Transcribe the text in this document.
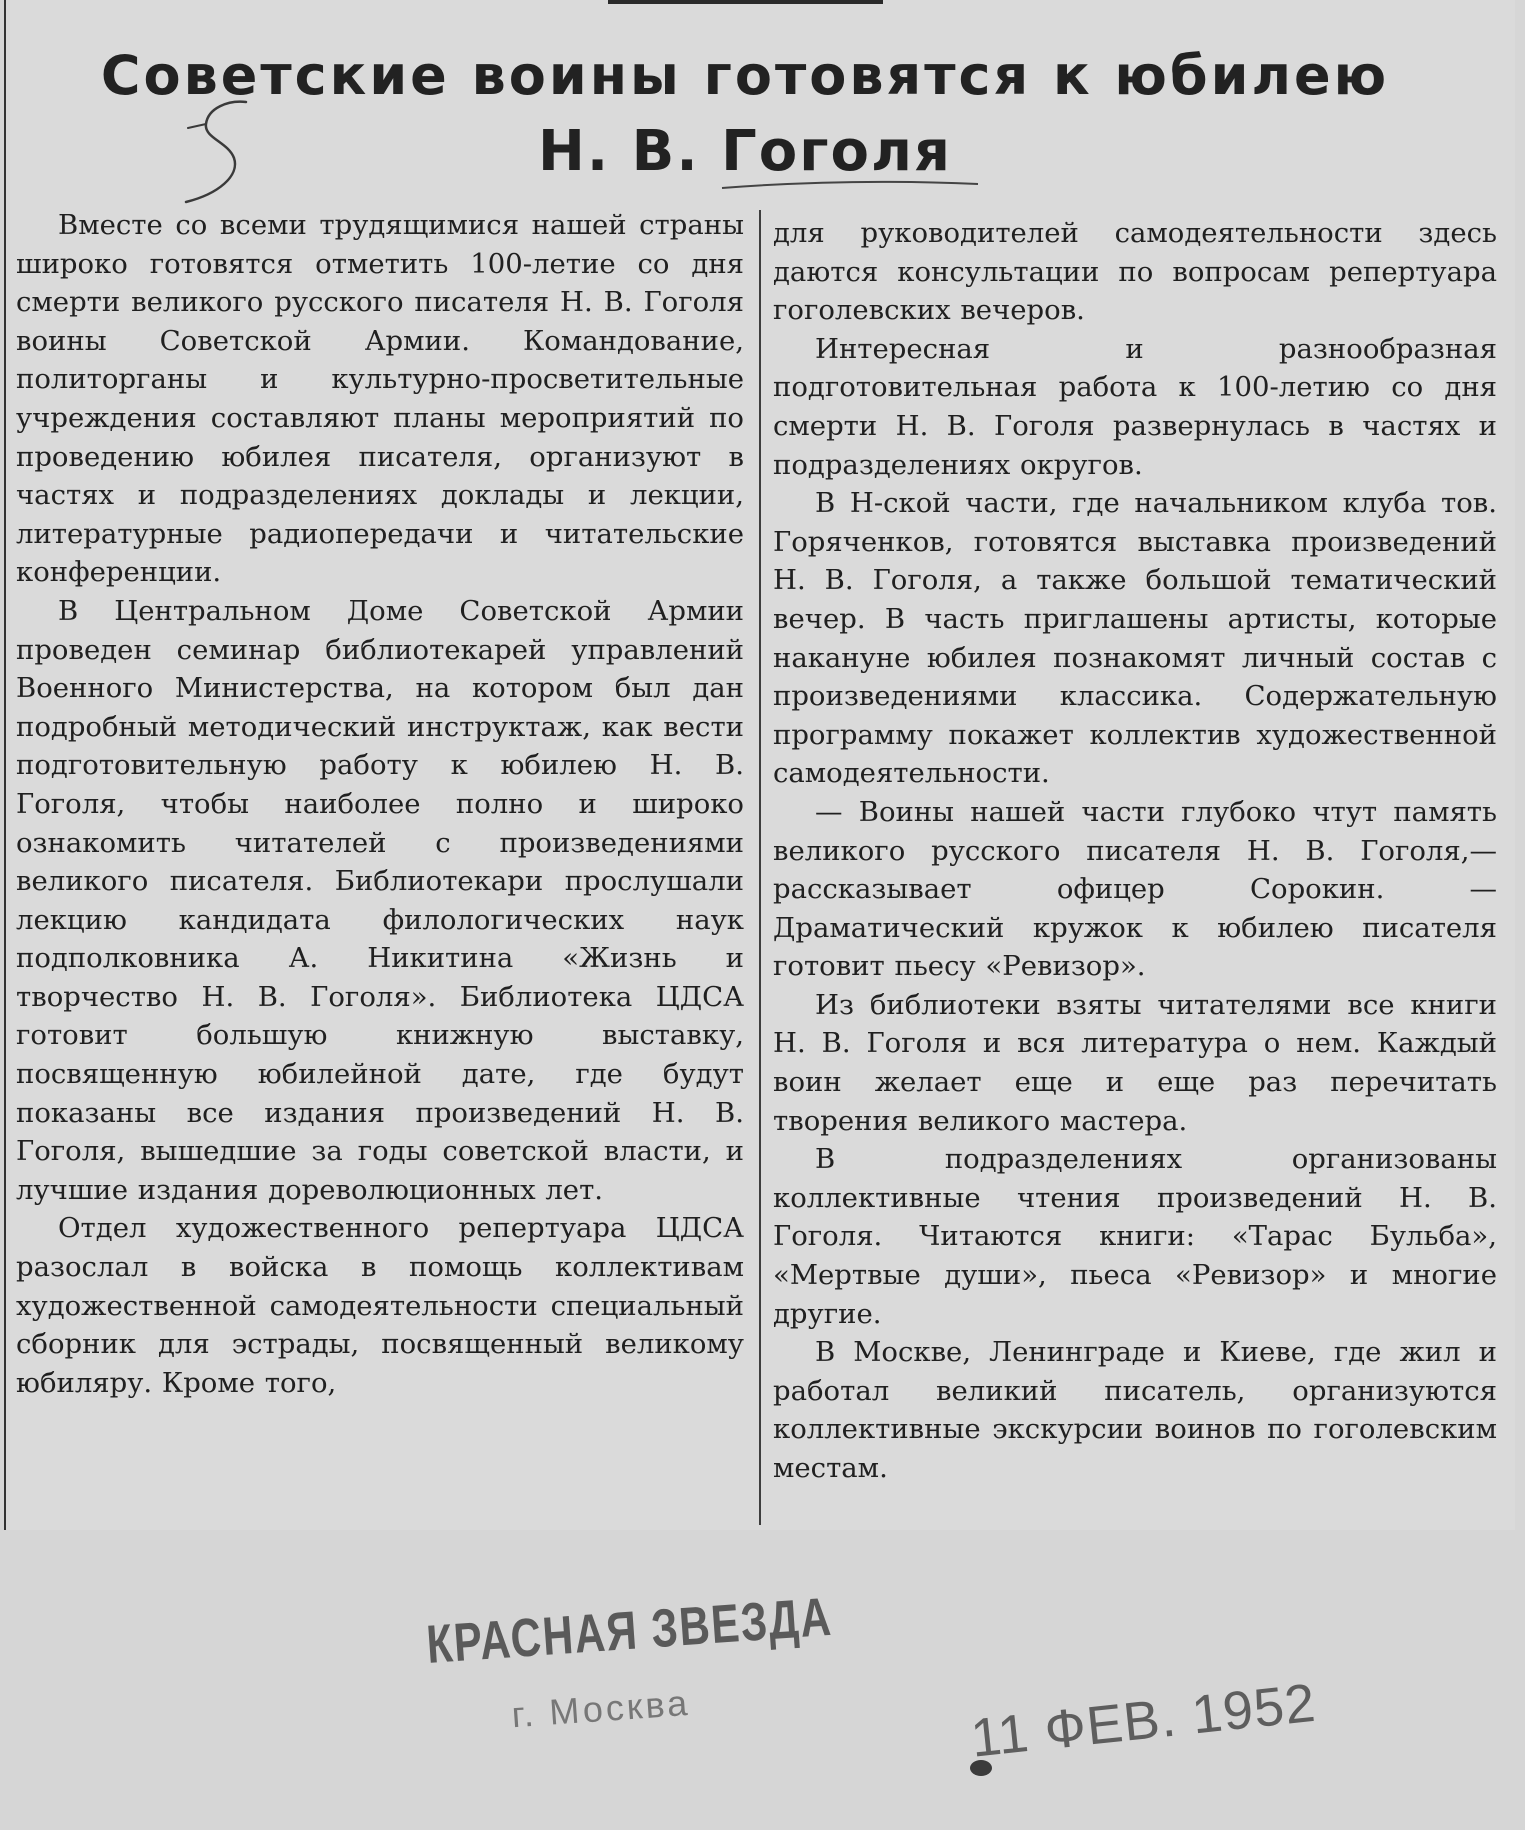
Советские воины готовятся к юбилею
Н. В. Гоголя

Вместе со всеми трудящимися нашей страны широко готовятся отметить 100-летие со дня смерти великого русского писателя Н. В. Гоголя воины Советской Армии. Командование, политорганы и культурно-просветительные учреждения составляют планы мероприятий по проведению юбилея писателя, организуют в частях и подразделениях доклады и лекции, литературные радиопередачи и читательские конференции.

В Центральном Доме Советской Армии проведен семинар библиотекарей управлений Военного Министерства, на котором был дан подробный методический инструктаж, как вести подготовительную работу к юбилею Н. В. Гоголя, чтобы наиболее полно и широко ознакомить читателей с произведениями великого писателя. Библиотекари прослушали лекцию кандидата филологических наук подполковника А. Никитина «Жизнь и творчество Н. В. Гоголя». Библиотека ЦДСА готовит большую книжную выставку, посвященную юбилейной дате, где будут показаны все издания произведений Н. В. Гоголя, вышедшие за годы советской власти, и лучшие издания дореволюционных лет.

Отдел художественного репертуара ЦДСА разослал в войска в помощь коллективам художественной самодеятельности специальный сборник для эстрады, посвященный великому юбиляру. Кроме того,

для руководителей самодеятельности здесь даются консультации по вопросам репертуара гоголевских вечеров.

Интересная и разнообразная подготовительная работа к 100-летию со дня смерти Н. В. Гоголя развернулась в частях и подразделениях округов.

В Н-ской части, где начальником клуба тов. Горяченков, готовятся выставка произведений Н. В. Гоголя, а также большой тематический вечер. В часть приглашены артисты, которые накануне юбилея познакомят личный состав с произведениями классика. Содержательную программу покажет коллектив художественной самодеятельности.

— Воины нашей части глубоко чтут память великого русского писателя Н. В. Гоголя,— рассказывает офицер Сорокин. — Драматический кружок к юбилею писателя готовит пьесу «Ревизор».

Из библиотеки взяты читателями все книги Н. В. Гоголя и вся литература о нем. Каждый воин желает еще и еще раз перечитать творения великого мастера.

В подразделениях организованы коллективные чтения произведений Н. В. Гоголя. Читаются книги: «Тарас Бульба», «Мертвые души», пьеса «Ревизор» и многие другие.

В Москве, Ленинграде и Киеве, где жил и работал великий писатель, организуются коллективные экскурсии воинов по гоголевским местам.

КРАСНАЯ ЗВЕЗДА
г. Москва	11 ФЕВ. 1952
